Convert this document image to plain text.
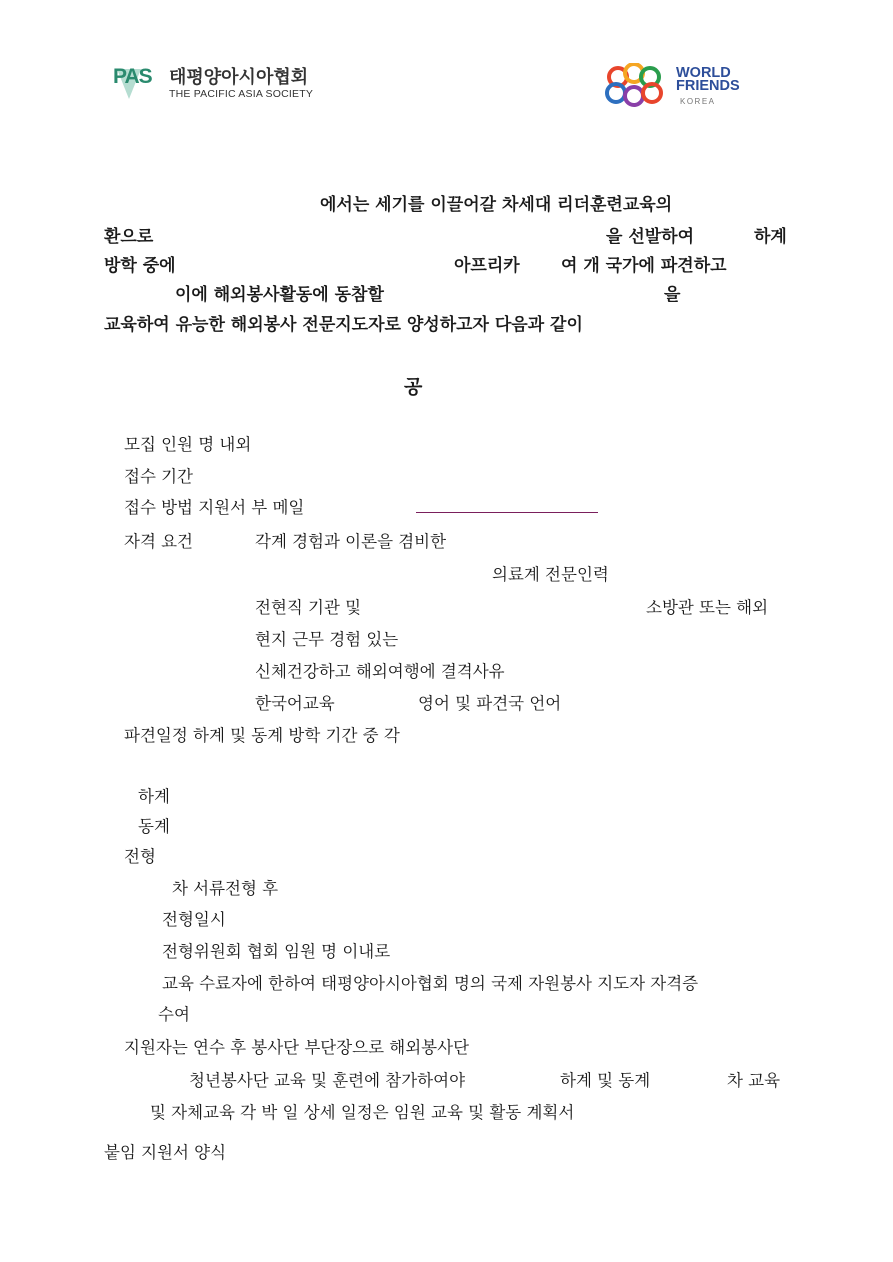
PAS 태평양아시아협회
THE PACIFIC ASIA SOCIETY
WORLD
FRIENDS
KOREA
에서는 세기를 이끌어갈 차세대 리더훈련교육의
환으로	을 선발하여	하계
방학 중에	아프리카 여 개 국가에 파견하고
이에 해외봉사활동에 동참할	을
교육하여 유능한 해외봉사 전문지도자로 양성하고자 다음과 같이
공
모집 인원 명 내외
접수 기간
접수 방법 지원서 부 메일
자격 요건	각계 경험과 이론을 겸비한
의료계 전문인력
전현직 기관 및	소방관 또는 해외
현지 근무 경험 있는
신체건강하고 해외여행에 결격사유
한국어교육	영어 및 파견국 언어
파견일정 하계 및 동계 방학 기간 중 각
하계
동계
전형
차 서류전형 후
전형일시
전형위원회 협회 임원 명 이내로
교육 수료자에 한하여 태평양아시아협회 명의 국제 자원봉사 지도자 자격증
수여
지원자는 연수 후 봉사단 부단장으로 해외봉사단
청년봉사단 교육 및 훈련에 참가하여야	하계 및 동계	차 교육
및 자체교육 각 박 일 상세 일정은 임원 교육 및 활동 계획서
붙임 지원서 양식
